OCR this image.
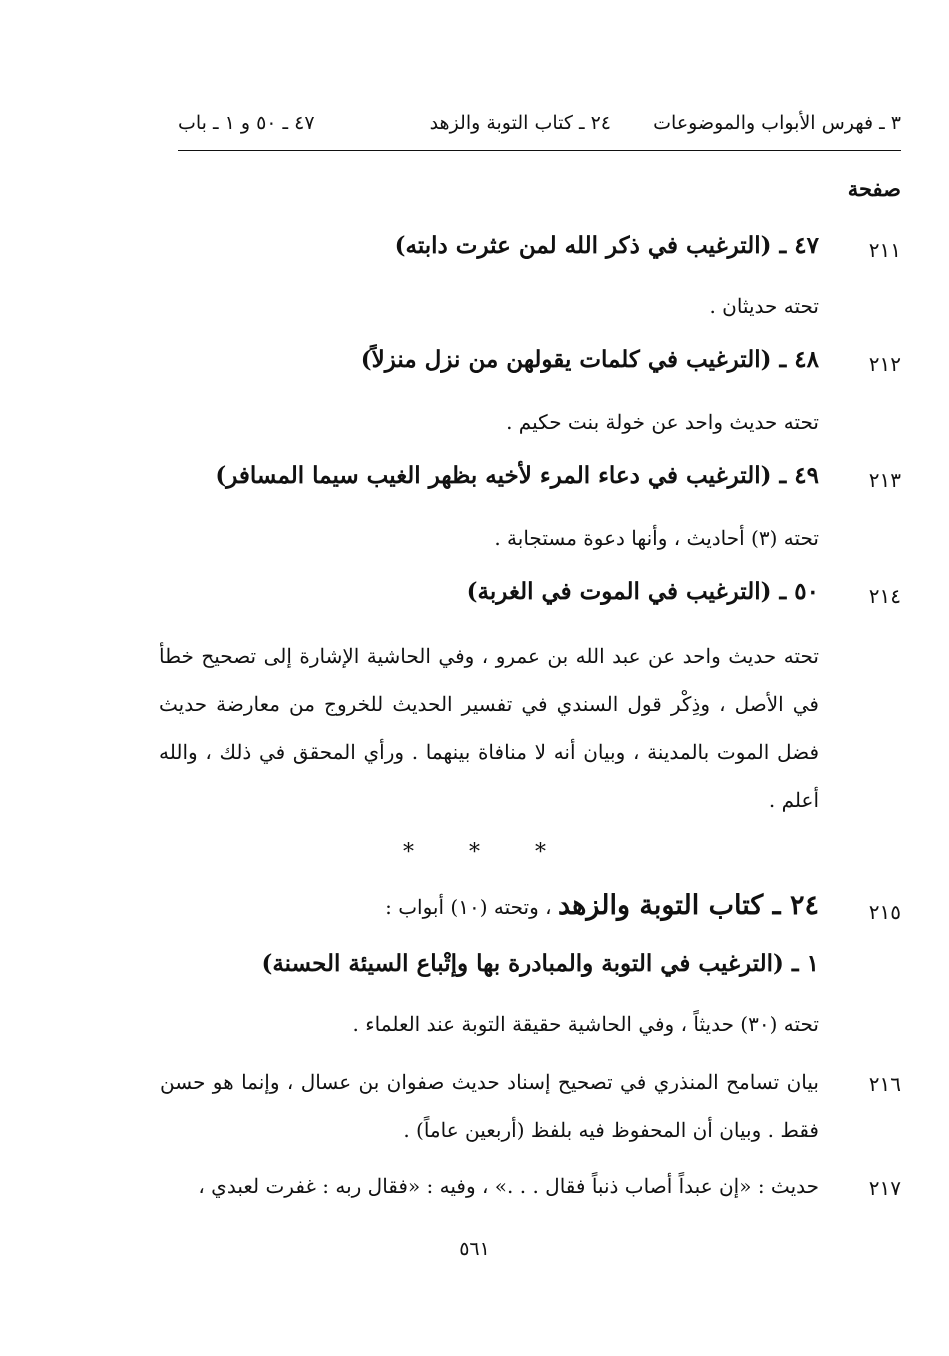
٣ ـ فهرس الأبواب والموضوعات
٢٤ ـ كتاب التوبة والزهد
٤٧ ـ ٥٠ و ١ ـ باب
صفحة
٢١١
٤٧ ـ (الترغيب في ذكر الله لمن عثرت دابته)
تحته حديثان .
٢١٢
٤٨ ـ (الترغيب في كلمات يقولهن من نزل منزلاً)
تحته حديث واحد عن خولة بنت حكيم .
٢١٣
٤٩ ـ (الترغيب في دعاء المرء لأخيه بظهر الغيب سيما المسافر)
تحته (٣) أحاديث ، وأنها دعوة مستجابة .
٢١٤
٥٠ ـ (الترغيب في الموت في الغربة)
تحته حديث واحد عن عبد الله بن عمرو ، وفي الحاشية الإشارة إلى تصحيح خطأ في الأصل ، وذِكْر قول السندي في تفسير الحديث للخروج من معارضة حديث فضل الموت بالمدينة ، وبيان أنه لا منافاة بينهما . ورأي المحقق في ذلك ، والله أعلم .
*	*	*
٢١٥
٢٤ ـ كتاب التوبة والزهد ، وتحته (١٠) أبواب :
١ ـ (الترغيب في التوبة والمبادرة بها وإتْباع السيئة الحسنة)
تحته (٣٠) حديثاً ، وفي الحاشية حقيقة التوبة عند العلماء .
٢١٦
بيان تسامح المنذري في تصحيح إسناد حديث صفوان بن عسال ، وإنما هو حسن فقط . وبيان أن المحفوظ فيه بلفظ (أربعين عاماً) .
٢١٧
حديث : «إن عبداً أصاب ذنباً فقال . . .» ، وفيه : «فقال ربه : غفرت لعبدي ،
٥٦١
